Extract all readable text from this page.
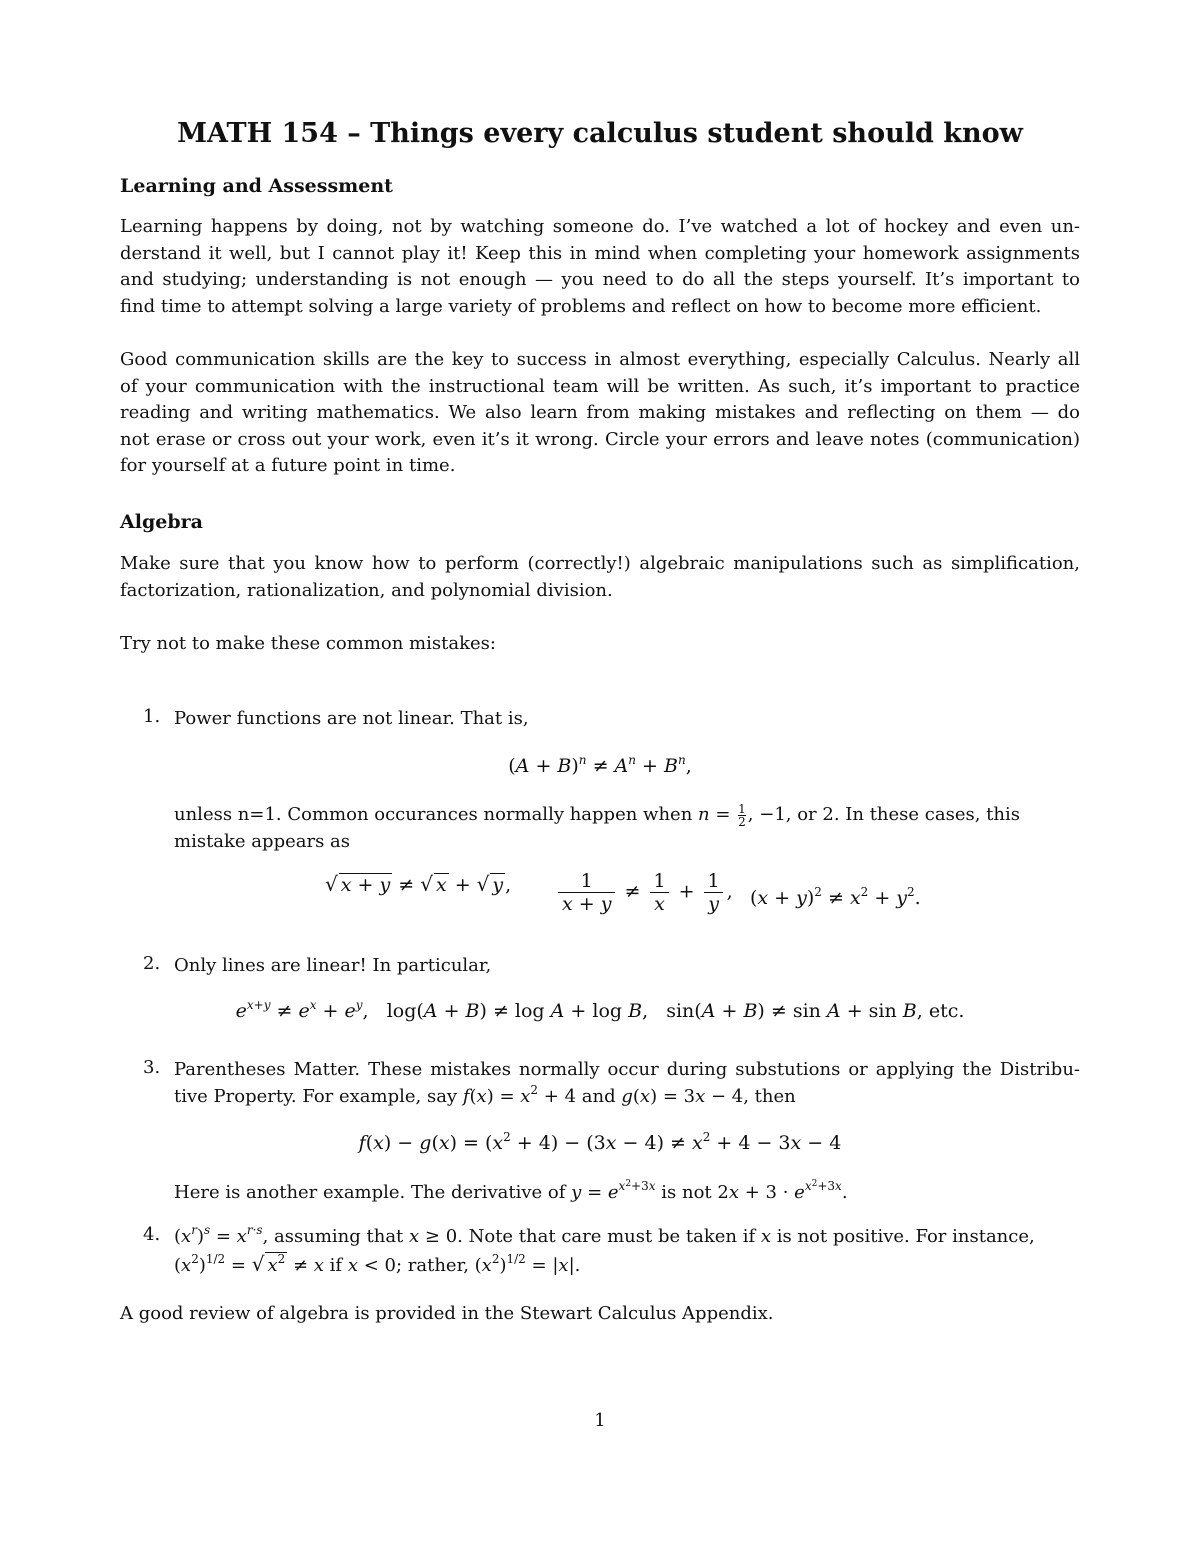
MATH 154 – Things every calculus student should know
Learning and Assessment
Learning happens by doing, not by watching someone do. I’ve watched a lot of hockey and even un-
derstand it well, but I cannot play it! Keep this in mind when completing your homework assignments
and studying; understanding is not enough — you need to do all the steps yourself. It’s important to
find time to attempt solving a large variety of problems and reflect on how to become more efficient.
Good communication skills are the key to success in almost everything, especially Calculus. Nearly all
of your communication with the instructional team will be written. As such, it’s important to practice
reading and writing mathematics. We also learn from making mistakes and reflecting on them — do
not erase or cross out your work, even it’s it wrong. Circle your errors and leave notes (communication)
for yourself at a future point in time.
Algebra
Make sure that you know how to perform (correctly!) algebraic manipulations such as simplification,
factorization, rationalization, and polynomial division.
Try not to make these common mistakes:
1. Power functions are not linear. That is,
$(A + B)^n \ne A^n + B^n$,
unless n=1. Common occurances normally happen when $n = \frac{1}{2}$ , −1, or 2. In these cases, this
mistake appears as
√ x + y ≠ √ x + √ y , $\frac{1}{x + y} \ne \frac{1}{x} + \frac{1}{y}$ , $(x + y)^2 \ne x^2 + y^2$.
2. Only lines are linear! In particular,
$e^{x+y} \ne e^x + e^y$,   log(A + B) ≠ log A + log B,   sin(A + B) ≠ sin A + sin B, etc.
3. Parentheses Matter. These mistakes normally occur during substutions or applying the Distribu-
tive Property. For example, say $f(x) = x^2 + 4$ and g(x) = 3x − 4, then
$f(x) - g(x) = (x^2 + 4) - (3x - 4) \ne x^2 + 4 - 3x - 4$
Here is another example. The derivative of $y = e^{x^2+3x}$ is not $2x + 3 \cdot e^{x^2+3x}$.
4. $(x^r)^s = x^{r\cdot s}$, assuming that x ≥ 0. Note that care must be taken if x is not positive. For instance,
$(x^2)^{1/2}$ = √ $x^2 \ne x$ if x < 0; rather, $(x^2)^{1/2} = |x|$.
A good review of algebra is provided in the Stewart Calculus Appendix.
1
